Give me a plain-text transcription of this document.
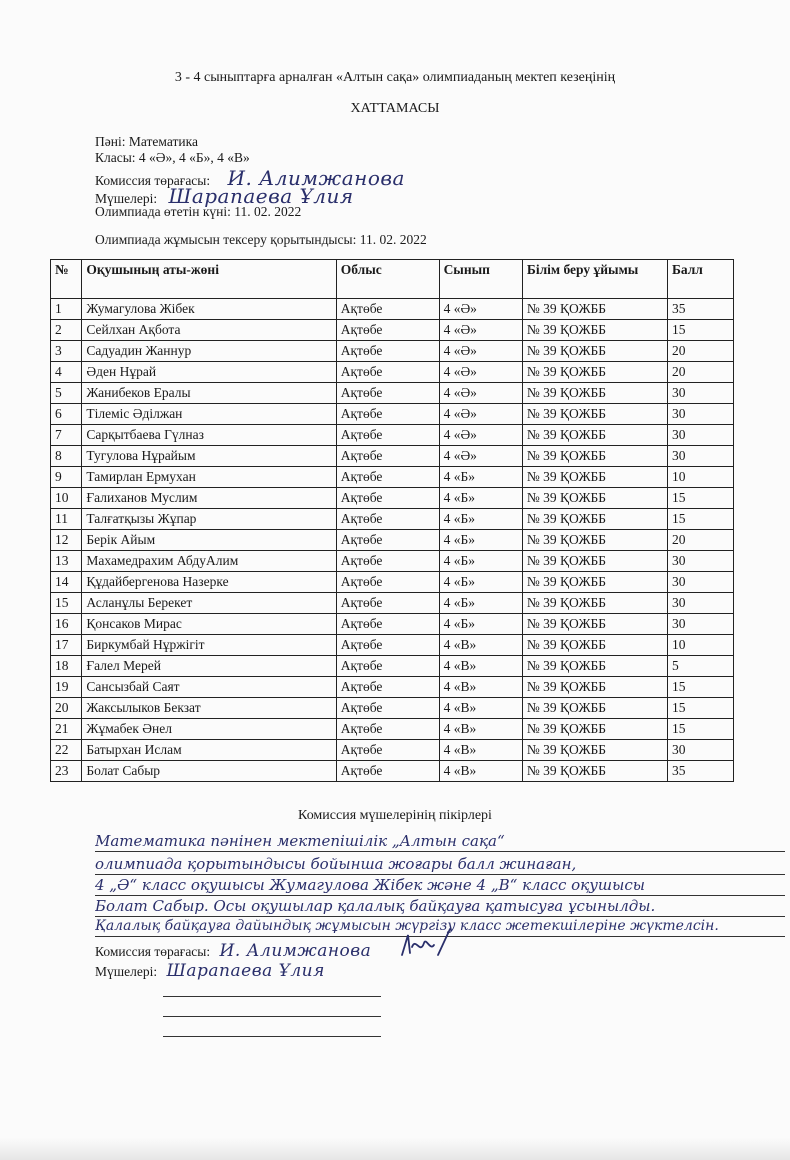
3 - 4 сыныптарға арналған «Алтын сақа» олимпиаданың мектеп кезеңінің
ХАТТАМАСЫ
Пәні: Математика
Класы: 4 «Ә», 4 «Б», 4 «В»
Комиссия төрағасы: И. Алимжанова
Мүшелері: Шарапаева Ұлия
Олимпиада өтетін күні: 11. 02. 2022
Олимпиада жұмысын тексеру қорытындысы: 11. 02. 2022
№	Оқушының аты-жөні	Облыс	Сынып	Білім беру ұйымы	Балл
1	Жумагулова Жібек	Ақтөбе	4 «Ә»	№ 39 ҚОЖББ	35
2	Сейлхан Ақбота	Ақтөбе	4 «Ә»	№ 39 ҚОЖББ	15
3	Садуадин Жаннур	Ақтөбе	4 «Ә»	№ 39 ҚОЖББ	20
4	Әден Нұрай	Ақтөбе	4 «Ә»	№ 39 ҚОЖББ	20
5	Жанибеков Ералы	Ақтөбе	4 «Ә»	№ 39 ҚОЖББ	30
6	Тілеміс Әділжан	Ақтөбе	4 «Ә»	№ 39 ҚОЖББ	30
7	Сарқытбаева Гүлназ	Ақтөбе	4 «Ә»	№ 39 ҚОЖББ	30
8	Тугулова Нұрайым	Ақтөбе	4 «Ә»	№ 39 ҚОЖББ	30
9	Тамирлан Ермухан	Ақтөбе	4 «Б»	№ 39 ҚОЖББ	10
10	Ғалиханов Муслим	Ақтөбе	4 «Б»	№ 39 ҚОЖББ	15
11	Талғатқызы Жұпар	Ақтөбе	4 «Б»	№ 39 ҚОЖББ	15
12	Берік Айым	Ақтөбе	4 «Б»	№ 39 ҚОЖББ	20
13	Махамедрахим АбдуАлим	Ақтөбе	4 «Б»	№ 39 ҚОЖББ	30
14	Құдайбергенова Назерке	Ақтөбе	4 «Б»	№ 39 ҚОЖББ	30
15	Асланұлы Берекет	Ақтөбе	4 «Б»	№ 39 ҚОЖББ	30
16	Қонсаков Мирас	Ақтөбе	4 «Б»	№ 39 ҚОЖББ	30
17	Биркумбай Нұржігіт	Ақтөбе	4 «В»	№ 39 ҚОЖББ	10
18	Ғалел Мерей	Ақтөбе	4 «В»	№ 39 ҚОЖББ	5
19	Сансызбай Саят	Ақтөбе	4 «В»	№ 39 ҚОЖББ	15
20	Жаксылыков Бекзат	Ақтөбе	4 «В»	№ 39 ҚОЖББ	15
21	Жұмабек Әнел	Ақтөбе	4 «В»	№ 39 ҚОЖББ	15
22	Батырхан Ислам	Ақтөбе	4 «В»	№ 39 ҚОЖББ	30
23	Болат Сабыр	Ақтөбе	4 «В»	№ 39 ҚОЖББ	35
Комиссия мүшелерінің пікірлері
Математика пәнінен мектепішілік „Алтын сақа“
олимпиада қорытындысы бойынша жоғары балл жинаған,
4 „Ә“ класс оқушысы Жумагулова Жібек және 4 „В“ класс оқушысы
Болат Сабыр. Осы оқушылар қалалық байқауға қатысуға ұсынылды.
Қалалық байқауға дайындық жұмысын жүргізу класс жетекшілеріне жүктелсін.
Комиссия төрағасы: И. Алимжанова
Мүшелері: Шарапаева Ұлия
